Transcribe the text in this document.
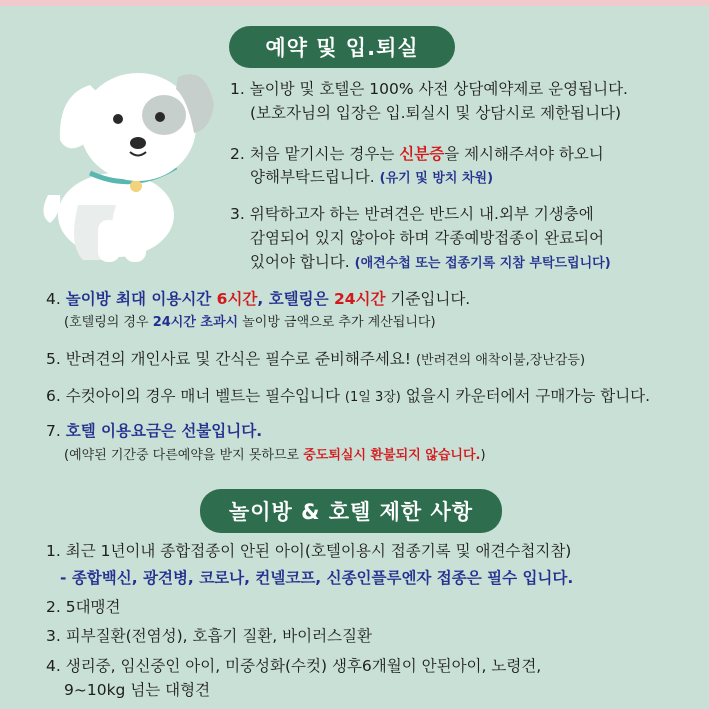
예약 및 입.퇴실
1. 놀이방 및 호텔은 100% 사전 상담예약제로 운영됩니다.
(보호자님의 입장은 입.퇴실시 및 상담시로 제한됩니다)
2. 처음 맡기시는 경우는 신분증을 제시해주셔야 하오니
양해부탁드립니다. (유기 및 방치 차원)
3. 위탁하고자 하는 반려견은 반드시 내.외부 기생충에
감염되어 있지 않아야 하며 각종예방접종이 완료되어
있어야 합니다. (애견수첩 또는 접종기록 지참 부탁드립니다)
4. 놀이방 최대 이용시간 6시간, 호텔링은 24시간 기준입니다.
(호텔링의 경우 24시간 초과시 놀이방 금액으로 추가 계산됩니다)
5. 반려견의 개인사료 및 간식은 필수로 준비해주세요! (반려견의 애착이불,장난감등)
6. 수컷아이의 경우 매너 벨트는 필수입니다 (1일 3장) 없을시 카운터에서 구매가능 합니다.
7. 호텔 이용요금은 선불입니다.
(예약된 기간중 다른예약을 받지 못하므로 중도퇴실시 환불되지 않습니다.)
놀이방 & 호텔 제한 사항
1. 최근 1년이내 종합접종이 안된 아이(호텔이용시 접종기록 및 애견수첩지참)
- 종합백신, 광견병, 코로나, 컨넬코프, 신종인플루엔자 접종은 필수 입니다.
2. 5대맹견
3. 피부질환(전염성), 호흡기 질환, 바이러스질환
4. 생리중, 임신중인 아이, 미중성화(수컷) 생후6개월이 안된아이, 노령견,
9~10kg 넘는 대형견
